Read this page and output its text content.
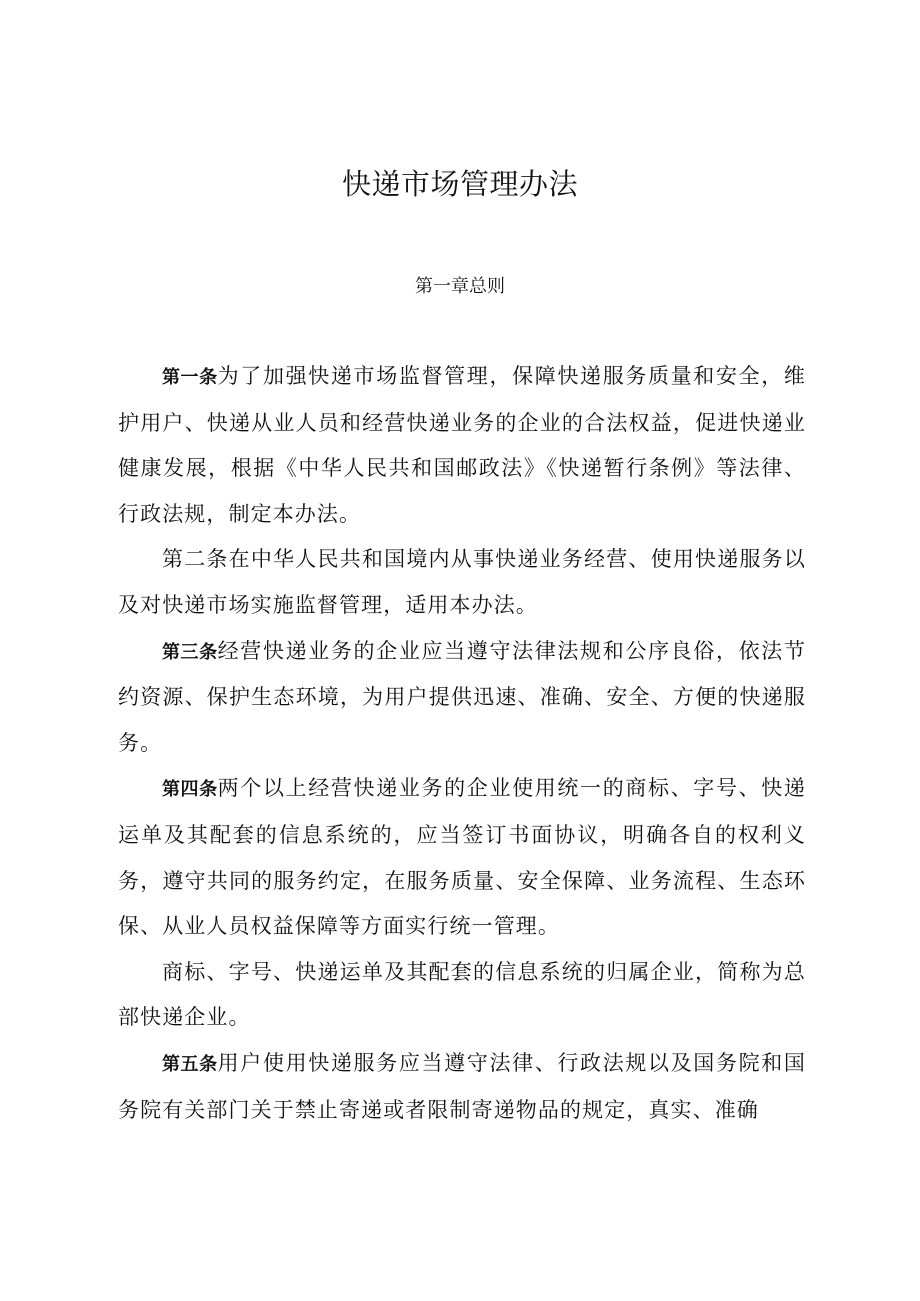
快递市场管理办法
第一章总则

第一条为了加强快递市场监督管理，保障快递服务质量和安全，维护用户、快递从业人员和经营快递业务的企业的合法权益，促进快递业健康发展，根据《中华人民共和国邮政法》《快递暂行条例》等法律、行政法规，制定本办法。

第二条在中华人民共和国境内从事快递业务经营、使用快递服务以及对快递市场实施监督管理，适用本办法。

第三条经营快递业务的企业应当遵守法律法规和公序良俗，依法节约资源、保护生态环境，为用户提供迅速、准确、安全、方便的快递服务。

第四条两个以上经营快递业务的企业使用统一的商标、字号、快递运单及其配套的信息系统的，应当签订书面协议，明确各自的权利义务，遵守共同的服务约定，在服务质量、安全保障、业务流程、生态环保、从业人员权益保障等方面实行统一管理。

商标、字号、快递运单及其配套的信息系统的归属企业，简称为总部快递企业。

第五条用户使用快递服务应当遵守法律、行政法规以及国务院和国务院有关部门关于禁止寄递或者限制寄递物品的规定，真实、准确
